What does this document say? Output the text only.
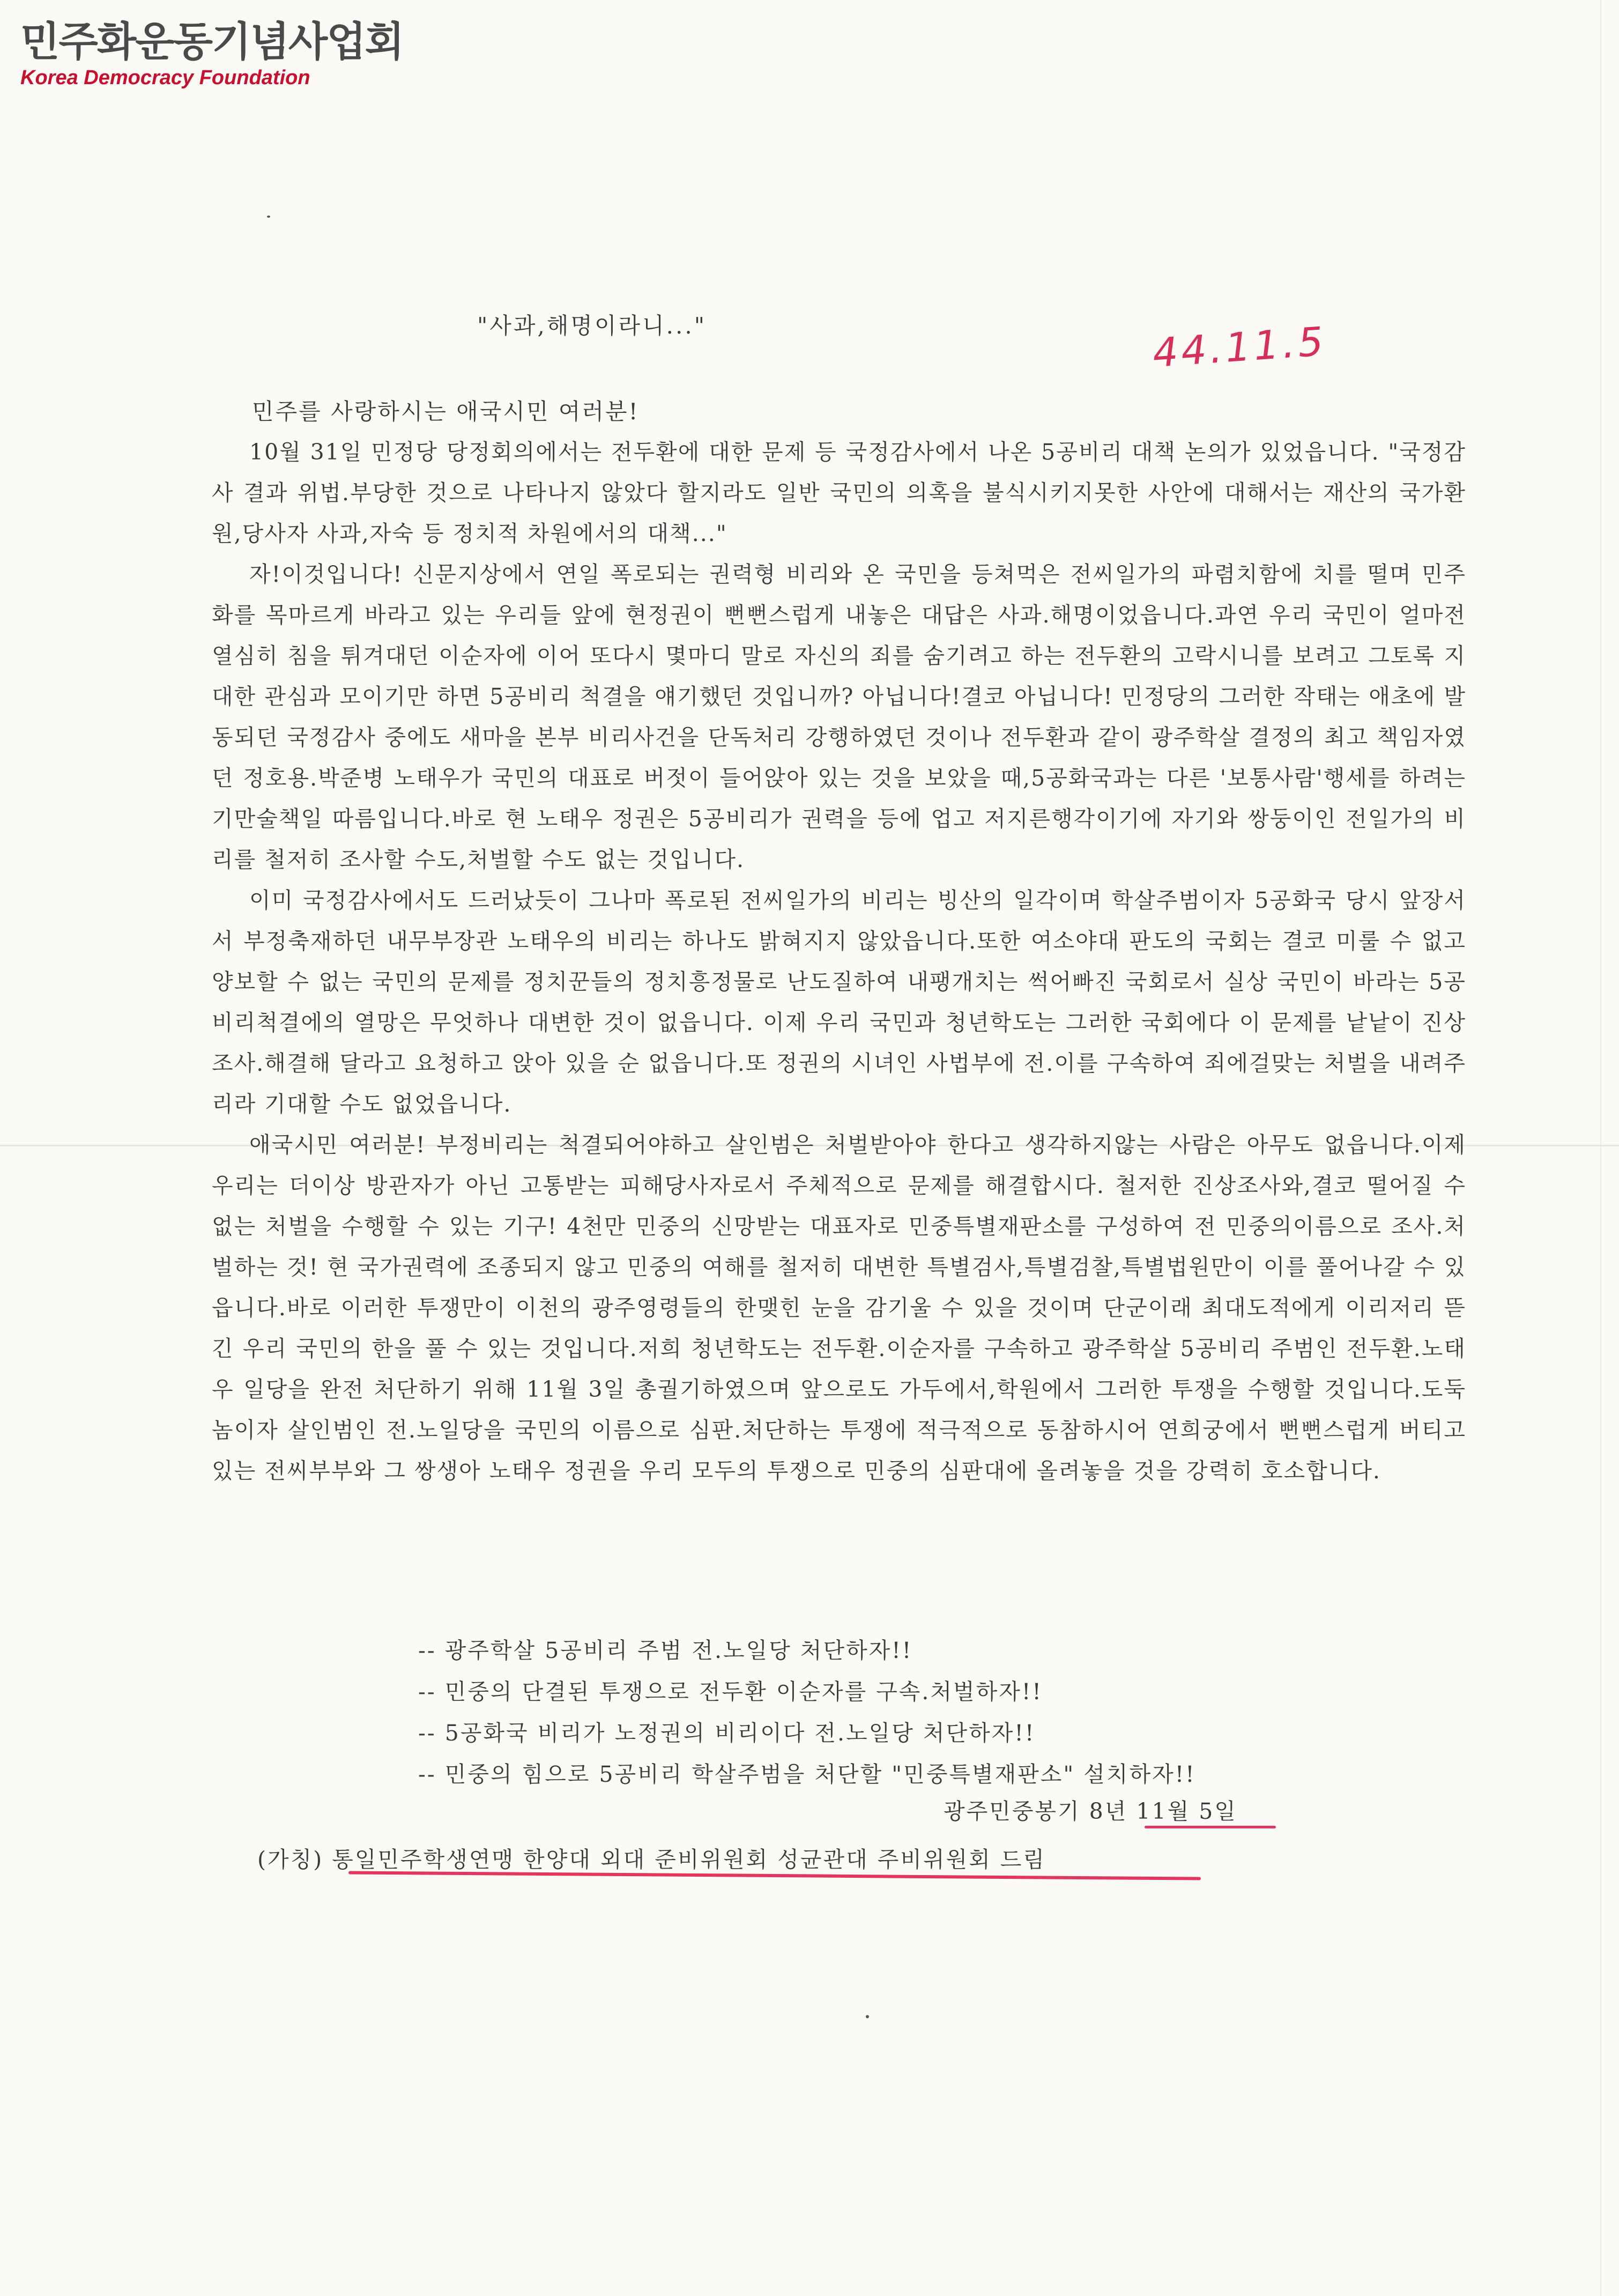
민주화운동기념사업회
Korea Democracy Foundation
"사과,해명이라니..."	44.11.5
민주를 사랑하시는 애국시민 여러분!

10월 31일 민정당 당정회의에서는 전두환에 대한 문제 등 국정감사에서 나온 5공비리 대책 논의가 있었읍니다. "국정감사 결과 위법.부당한 것으로 나타나지 않았다 할지라도 일반 국민의 의혹을 불식시키지못한 사안에 대해서는 재산의 국가환원,당사자 사과,자숙 등 정치적 차원에서의 대책..."

자!이것입니다! 신문지상에서 연일 폭로되는 권력형 비리와 온 국민을 등쳐먹은 전씨일가의 파렴치함에 치를 떨며 민주화를 목마르게 바라고 있는 우리들 앞에 현정권이 뻔뻔스럽게 내놓은 대답은 사과.해명이었읍니다.과연 우리 국민이 얼마전 열심히 침을 튀겨대던 이순자에 이어 또다시 몇마디 말로 자신의 죄를 숨기려고 하는 전두환의 고락시니를 보려고 그토록 지대한 관심과 모이기만 하면 5공비리 척결을 얘기했던 것입니까? 아닙니다!결코 아닙니다! 민정당의 그러한 작태는 애초에 발동되던 국정감사 중에도 새마을 본부 비리사건을 단독처리 강행하였던 것이나 전두환과 같이 광주학살 결정의 최고 책임자였던 정호용.박준병 노태우가 국민의 대표로 버젓이 들어앉아 있는 것을 보았을 때,5공화국과는 다른 '보통사람'행세를 하려는 기만술책일 따름입니다.바로 현 노태우 정권은 5공비리가 권력을 등에 업고 저지른행각이기에 자기와 쌍둥이인 전일가의 비리를 철저히 조사할 수도,처벌할 수도 없는 것입니다.

이미 국정감사에서도 드러났듯이 그나마 폭로된 전씨일가의 비리는 빙산의 일각이며 학살주범이자 5공화국 당시 앞장서서 부정축재하던 내무부장관 노태우의 비리는 하나도 밝혀지지 않았읍니다.또한 여소야대 판도의 국회는 결코 미룰 수 없고 양보할 수 없는 국민의 문제를 정치꾼들의 정치흥정물로 난도질하여 내팽개치는 썩어빠진 국회로서 실상 국민이 바라는 5공비리척결에의 열망은 무엇하나 대변한 것이 없읍니다. 이제 우리 국민과 청년학도는 그러한 국회에다 이 문제를 낱낱이 진상조사.해결해 달라고 요청하고 앉아 있을 순 없읍니다.또 정권의 시녀인 사법부에 전.이를 구속하여 죄에걸맞는 처벌을 내려주리라 기대할 수도 없었읍니다.

애국시민 여러분! 부정비리는 척결되어야하고 살인범은 처벌받아야 한다고 생각하지않는 사람은 아무도 없읍니다.이제 우리는 더이상 방관자가 아닌 고통받는 피해당사자로서 주체적으로 문제를 해결합시다. 철저한 진상조사와,결코 떨어질 수 없는 처벌을 수행할 수 있는 기구! 4천만 민중의 신망받는 대표자로 민중특별재판소를 구성하여 전 민중의이름으로 조사.처벌하는 것! 현 국가권력에 조종되지 않고 민중의 여해를 철저히 대변한 특별검사,특별검찰,특별법원만이 이를 풀어나갈 수 있읍니다.바로 이러한 투쟁만이 이천의 광주영령들의 한맺힌 눈을 감기울 수 있을 것이며 단군이래 최대도적에게 이리저리 뜯긴 우리 국민의 한을 풀 수 있는 것입니다.저희 청년학도는 전두환.이순자를 구속하고 광주학살 5공비리 주범인 전두환.노태우 일당을 완전 처단하기 위해 11월 3일 총궐기하였으며 앞으로도 가두에서,학원에서 그러한 투쟁을 수행할 것입니다.도둑놈이자 살인범인 전.노일당을 국민의 이름으로 심판.처단하는 투쟁에 적극적으로 동참하시어 연희궁에서 뻔뻔스럽게 버티고있는 전씨부부와 그 쌍생아 노태우 정권을 우리 모두의 투쟁으로 민중의 심판대에 올려놓을 것을 강력히 호소합니다.

-- 광주학살 5공비리 주범 전.노일당 처단하자!!
-- 민중의 단결된 투쟁으로 전두환 이순자를 구속.처벌하자!!
-- 5공화국 비리가 노정권의 비리이다 전.노일당 처단하자!!
-- 민중의 힘으로 5공비리 학살주범을 처단할 "민중특별재판소" 설치하자!!
광주민중봉기 8년 11월 5일
(가칭) 통일민주학생연맹 한양대 외대 준비위원회 성균관대 주비위원회 드림
